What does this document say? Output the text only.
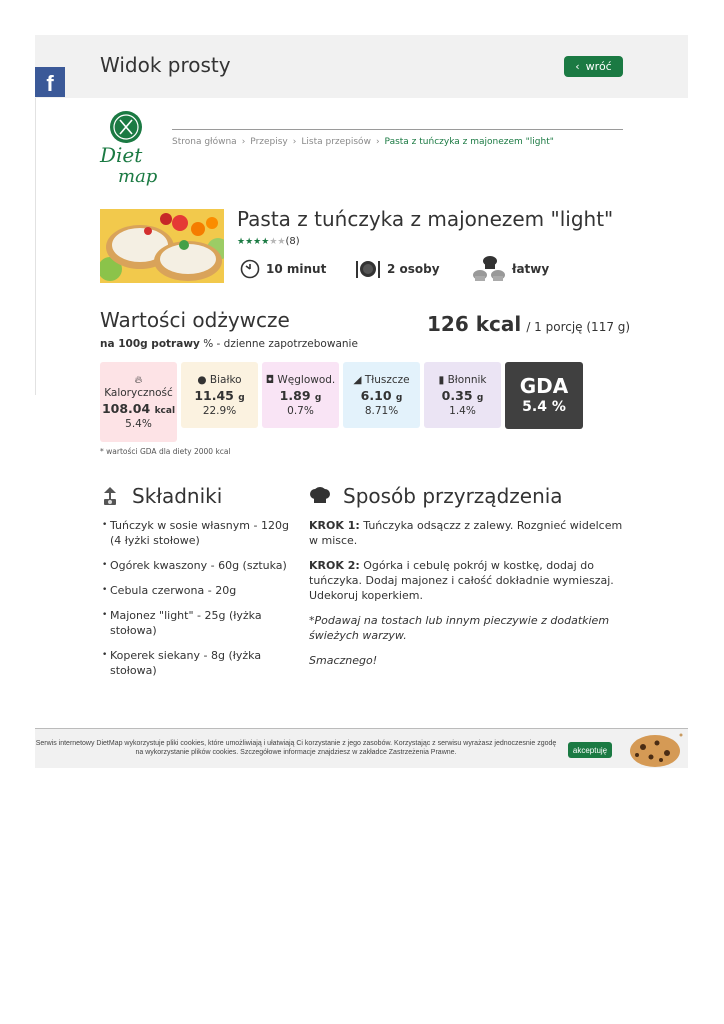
Widok prosty	‹ wróć
f
Diet
map
Strona główna › Przepisy › Lista przepisów › Pasta z tuńczyka z majonezem "light"
Pasta z tuńczyka z majonezem "light"
★ ★ ★ ★ ★ ★ (8)
10 minut	2 osoby	łatwy
Wartości odżywcze	126 kcal / 1 porcję (117 g)
na 100g potrawy % - dzienne zapotrzebowanie
🔥︎
Kaloryczność
108.04 kcal
5.4%
● Białko
11.45 g
22.9%
◘ Węglowod.
1.89 g
0.7%
◢ Tłuszcze
6.10 g
8.71%
▮ Błonnik
0.35 g
1.4%
GDA
5.4 %
* wartości GDA dla diety 2000 kcal
Składniki
• Tuńczyk w sosie własnym - 120g (4 łyżki stołowe)
• Ogórek kwaszony - 60g (sztuka)
• Cebula czerwona - 20g
• Majonez "light" - 25g (łyżka stołowa)
• Koperek siekany - 8g (łyżka stołowa)
Sposób przyrządzenia

KROK 1: Tuńczyka odsączz z zalewy. Rozgnieć widelcem w misce.

KROK 2: Ogórka i cebulę pokrój w kostkę, dodaj do tuńczyka. Dodaj majonez i całość dokładnie wymieszaj. Udekoruj koperkiem.

*Podawaj na tostach lub innym pieczywie z dodatkiem świeżych warzyw.

Smacznego!

Serwis internetowy DietMap wykorzystuje pliki cookies, które umożliwiają i ułatwiają Ci korzystanie z jego zasobów. Korzystając z serwisu wyrażasz jednoczesnie zgodę na wykorzystanie plików cookies. Szczegółowe informacje znajdziesz w zakładce Zastrzeżenia Prawne.	akceptuję
